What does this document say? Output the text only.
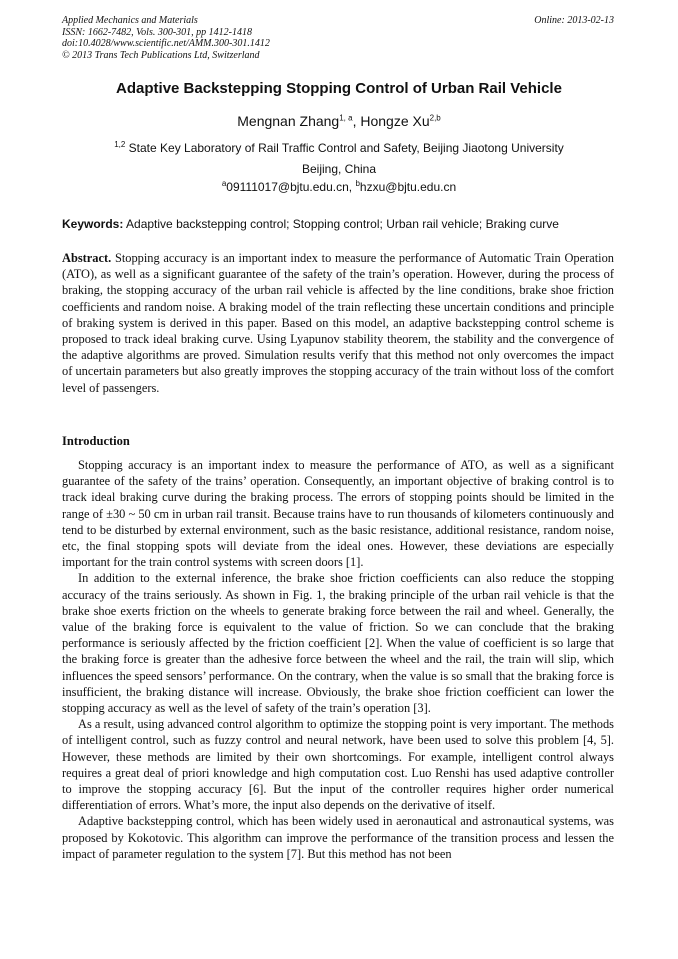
Applied Mechanics and Materials
ISSN: 1662-7482, Vols. 300-301, pp 1412-1418
doi:10.4028/www.scientific.net/AMM.300-301.1412
© 2013 Trans Tech Publications Ltd, Switzerland
Online: 2013-02-13
Adaptive Backstepping Stopping Control of Urban Rail Vehicle
Mengnan Zhang$^{1, a}$, Hongze Xu$^{2,b}$
$^{1,2}$ State Key Laboratory of Rail Traffic Control and Safety, Beijing Jiaotong University
Beijing, China
$^a$09111017@bjtu.edu.cn, $^b$hzxu@bjtu.edu.cn
Keywords: Adaptive backstepping control; Stopping control; Urban rail vehicle; Braking curve
Abstract. Stopping accuracy is an important index to measure the performance of Automatic Train Operation (ATO), as well as a significant guarantee of the safety of the train’s operation. However, during the process of braking, the stopping accuracy of the urban rail vehicle is affected by the line conditions, brake shoe friction coefficients and random noise. A braking model of the train reflecting these uncertain conditions and principle of braking system is derived in this paper. Based on this model, an adaptive backstepping control scheme is proposed to track ideal braking curve. Using Lyapunov stability theorem, the stability and the convergence of the adaptive algorithms are proved. Simulation results verify that this method not only overcomes the impact of uncertain parameters but also greatly improves the stopping accuracy of the train without loss of the comfort level of passengers.
Introduction

Stopping accuracy is an important index to measure the performance of ATO, as well as a significant guarantee of the safety of the trains’ operation. Consequently, an important objective of braking control is to track ideal braking curve during the braking process. The errors of stopping points should be limited in the range of ±30 ~ 50 cm in urban rail transit. Because trains have to run thousands of kilometers continuously and tend to be disturbed by external environment, such as the basic resistance, additional resistance, random noise, etc, the final stopping spots will deviate from the ideal ones. However, these deviations are especially important for the train control systems with screen doors [1].

In addition to the external inference, the brake shoe friction coefficients can also reduce the stopping accuracy of the trains seriously. As shown in Fig. 1, the braking principle of the urban rail vehicle is that the brake shoe exerts friction on the wheels to generate braking force between the rail and wheel. Generally, the value of the braking force is equivalent to the value of friction. So we can conclude that the braking performance is seriously affected by the friction coefficient [2]. When the value of coefficient is so large that the braking force is greater than the adhesive force between the wheel and the rail, the train will slip, which influences the speed sensors’ performance. On the contrary, when the value is so small that the braking force is insufficient, the braking distance will increase. Obviously, the brake shoe friction coefficient can lower the stopping accuracy as well as the level of safety of the train’s operation [3].

As a result, using advanced control algorithm to optimize the stopping point is very important. The methods of intelligent control, such as fuzzy control and neural network, have been used to solve this problem [4, 5]. However, these methods are limited by their own shortcomings. For example, intelligent control always requires a great deal of priori knowledge and high computation cost. Luo Renshi has used adaptive controller to improve the stopping accuracy [6]. But the input of the controller requires higher order numerical differentiation of errors. What’s more, the input also depends on the derivative of itself.

Adaptive backstepping control, which has been widely used in aeronautical and astronautical systems, was proposed by Kokotovic. This algorithm can improve the performance of the transition process and lessen the impact of parameter regulation to the system [7]. But this method has not been
